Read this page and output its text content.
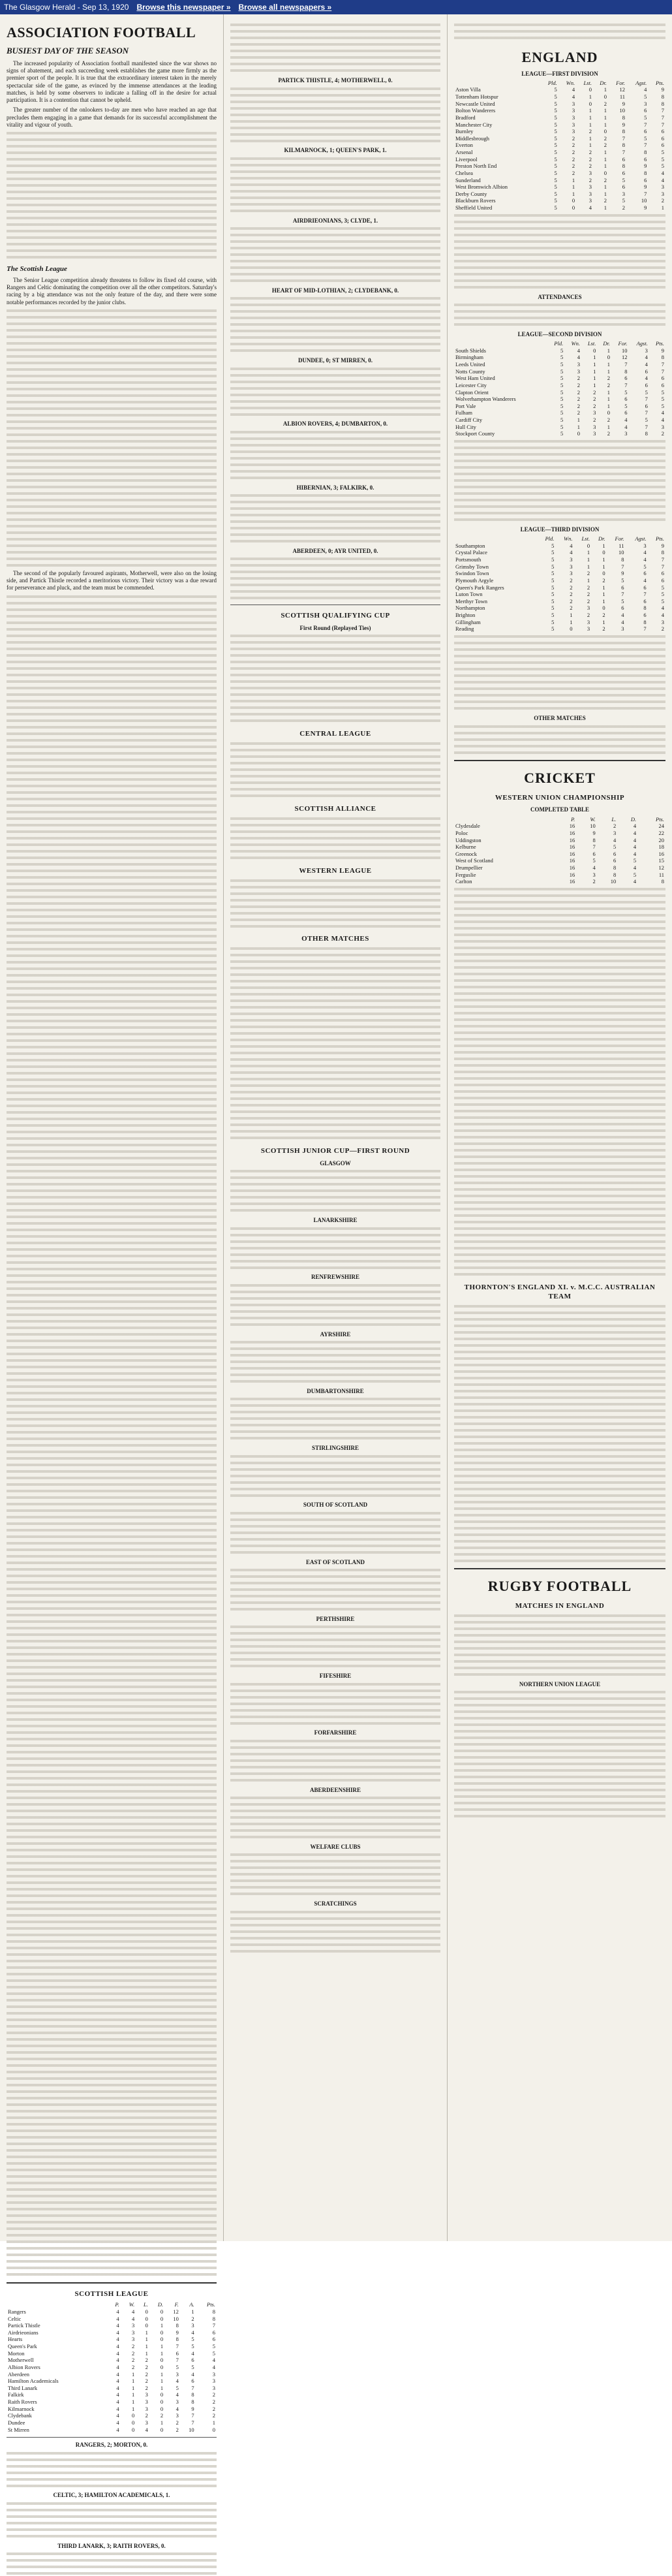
The Glasgow Herald - Sep 13, 1920 Browse this newspaper » Browse all newspapers »
ASSOCIATION FOOTBALL
BUSIEST DAY OF THE SEASON

The increased popularity of Association football manifested since the war shows no signs of abatement, and each succeeding week establishes the game more firmly as the premier sport of the people. It is true that the extraordinary interest taken in the merely spectacular side of the game, as evinced by the immense attendances at the leading matches, is held by some observers to indicate a falling off in the desire for actual participation. It is a contention that cannot be upheld.

The greater number of the onlookers to-day are men who have reached an age that precludes them engaging in a game that demands for its successful accomplishment the vitality and vigour of youth.

The Scottish League

The Senior League competition already threatens to follow its fixed old course, with Rangers and Celtic dominating the competition over all the other competitors. Saturday's racing by a big attendance was not the only feature of the day, and there were some notable performances recorded by the junior clubs.

The second of the popularly favoured aspirants, Motherwell, were also on the losing side, and Partick Thistle recorded a meritorious victory. Their victory was a due reward for perseverance and pluck, and the team must be commended.

SCOTTISH LEAGUE
	P.	W.	L.	D.	F.	A.	Pts.
Rangers	4	4	0	0	12	1	8
Celtic	4	4	0	0	10	2	8
Partick Thistle	4	3	0	1	8	3	7
Airdrieonians	4	3	1	0	9	4	6
Hearts	4	3	1	0	8	5	6
Queen's Park	4	2	1	1	7	5	5
Morton	4	2	1	1	6	4	5
Motherwell	4	2	2	0	7	6	4
Albion Rovers	4	2	2	0	5	5	4
Aberdeen	4	1	2	1	3	4	3
Hamilton Academicals	4	1	2	1	4	6	3
Third Lanark	4	1	2	1	5	7	3
Falkirk	4	1	3	0	4	8	2
Raith Rovers	4	1	3	0	3	8	2
Kilmarnock	4	1	3	0	4	9	2
Clydebank	4	0	2	2	3	7	2
Dundee	4	0	3	1	2	7	1
St Mirren	4	0	4	0	2	10	0
RANGERS, 2; MORTON, 0.
CELTIC, 3; HAMILTON ACADEMICALS, 1.
THIRD LANARK, 3; RAITH ROVERS, 0.
PARTICK THISTLE, 4; MOTHERWELL, 0.
KILMARNOCK, 1; QUEEN'S PARK, 1.
AIRDRIEONIANS, 3; CLYDE, 1.
HEART OF MID-LOTHIAN, 2; CLYDEBANK, 0.
DUNDEE, 0; ST MIRREN, 0.
ALBION ROVERS, 4; DUMBARTON, 0.
HIBERNIAN, 3; FALKIRK, 0.
ABERDEEN, 0; AYR UNITED, 0.
SCOTTISH QUALIFYING CUP
First Round (Replayed Ties)
CENTRAL LEAGUE
SCOTTISH ALLIANCE
WESTERN LEAGUE
OTHER MATCHES
SCOTTISH JUNIOR CUP—FIRST ROUND
GLASGOW
LANARKSHIRE
RENFREWSHIRE
AYRSHIRE
DUMBARTONSHIRE
STIRLINGSHIRE
SOUTH OF SCOTLAND
EAST OF SCOTLAND
PERTHSHIRE
FIFESHIRE
FORFARSHIRE
ABERDEENSHIRE
WELFARE CLUBS
SCRATCHINGS
ENGLAND
LEAGUE—FIRST DIVISION
	Pld.	Wn.	Lst.	Dr.	For.	Agst.	Pts.
Aston Villa	5	4	0	1	12	4	9
Tottenham Hotspur	5	4	1	0	11	5	8
Newcastle United	5	3	0	2	9	3	8
Bolton Wanderers	5	3	1	1	10	6	7
Bradford	5	3	1	1	8	5	7
Manchester City	5	3	1	1	9	7	7
Burnley	5	3	2	0	8	6	6
Middlesbrough	5	2	1	2	7	5	6
Everton	5	2	1	2	8	7	6
Arsenal	5	2	2	1	7	8	5
Liverpool	5	2	2	1	6	6	5
Preston North End	5	2	2	1	8	9	5
Chelsea	5	2	3	0	6	8	4
Sunderland	5	1	2	2	5	6	4
West Bromwich Albion	5	1	3	1	6	9	3
Derby County	5	1	3	1	3	7	3
Blackburn Rovers	5	0	3	2	5	10	2
Sheffield United	5	0	4	1	2	9	1
ATTENDANCES
LEAGUE—SECOND DIVISION
	Pld.	Wn.	Lst.	Dr.	For.	Agst.	Pts.
South Shields	5	4	0	1	10	3	9
Birmingham	5	4	1	0	12	4	8
Leeds United	5	3	1	1	7	4	7
Notts County	5	3	1	1	8	6	7
West Ham United	5	2	1	2	6	4	6
Leicester City	5	2	1	2	7	6	6
Clapton Orient	5	2	2	1	5	5	5
Wolverhampton Wanderers	5	2	2	1	6	7	5
Port Vale	5	2	2	1	5	6	5
Fulham	5	2	3	0	6	7	4
Cardiff City	5	1	2	2	4	5	4
Hull City	5	1	3	1	4	7	3
Stockport County	5	0	3	2	3	8	2
LEAGUE—THIRD DIVISION
	Pld.	Wn.	Lst.	Dr.	For.	Agst.	Pts.
Southampton	5	4	0	1	11	3	9
Crystal Palace	5	4	1	0	10	4	8
Portsmouth	5	3	1	1	8	4	7
Grimsby Town	5	3	1	1	7	5	7
Swindon Town	5	3	2	0	9	6	6
Plymouth Argyle	5	2	1	2	5	4	6
Queen's Park Rangers	5	2	2	1	6	6	5
Luton Town	5	2	2	1	7	7	5
Merthyr Town	5	2	2	1	5	6	5
Northampton	5	2	3	0	6	8	4
Brighton	5	1	2	2	4	6	4
Gillingham	5	1	3	1	4	8	3
Reading	5	0	3	2	3	7	2
OTHER MATCHES
CRICKET
WESTERN UNION CHAMPIONSHIP
COMPLETED TABLE
	P.	W.	L.	D.	Pts.
Clydesdale	16	10	2	4	24
Poloc	16	9	3	4	22
Uddingston	16	8	4	4	20
Kelburne	16	7	5	4	18
Greenock	16	6	6	4	16
West of Scotland	16	5	6	5	15
Drumpellier	16	4	8	4	12
Ferguslie	16	3	8	5	11
Carlton	16	2	10	4	8
THORNTON'S ENGLAND XI. v. M.C.C. AUSTRALIAN TEAM
RUGBY FOOTBALL
MATCHES IN ENGLAND
NORTHERN UNION LEAGUE
